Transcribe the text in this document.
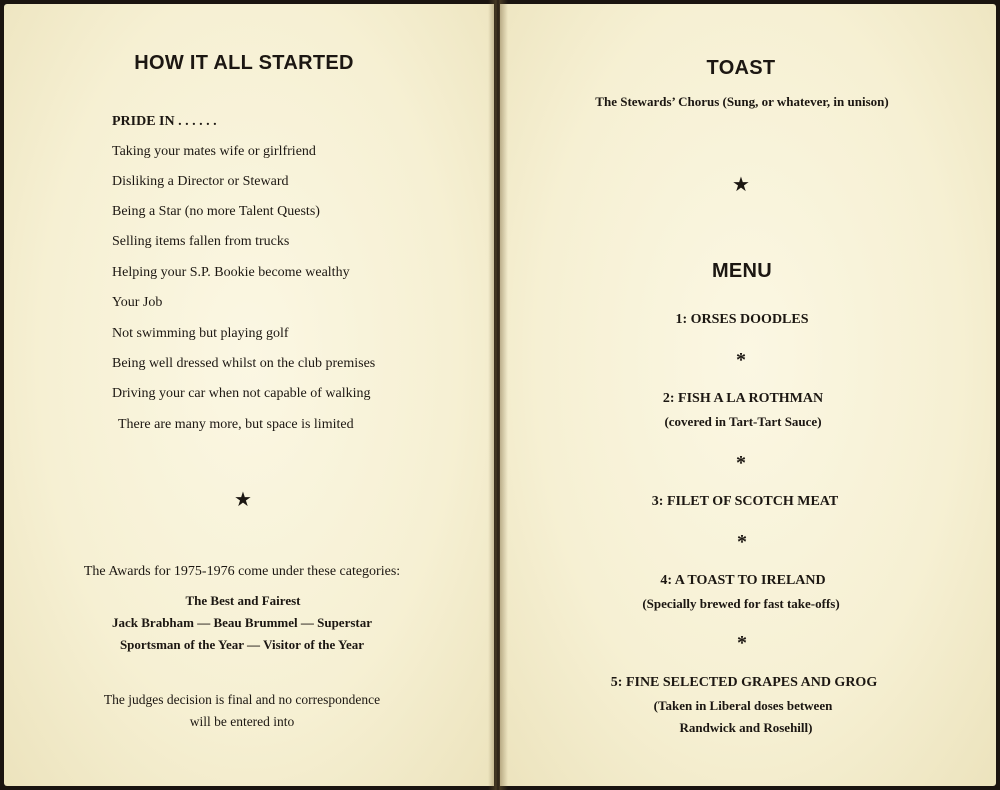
HOW IT ALL STARTED
PRIDE IN . . . . . .
Taking your mates wife or girlfriend
Disliking a Director or Steward
Being a Star (no more Talent Quests)
Selling items fallen from trucks
Helping your S.P. Bookie become wealthy
Your Job
Not swimming but playing golf
Being well dressed whilst on the club premises
Driving your car when not capable of walking
There are many more, but space is limited
★
The Awards for 1975-1976 come under these categories:
The Best and Fairest
Jack Brabham — Beau Brummel — Superstar
Sportsman of the Year — Visitor of the Year
The judges decision is final and no correspondence
will be entered into
TOAST
The Stewards’ Chorus (Sung, or whatever, in unison)
★
MENU
1: ORSES DOODLES
*
2: FISH A LA ROTHMAN
(covered in Tart-Tart Sauce)
*
3: FILET OF SCOTCH MEAT
*
4: A TOAST TO IRELAND
(Specially brewed for fast take-offs)
*
5: FINE SELECTED GRAPES AND GROG
(Taken in Liberal doses between
Randwick and Rosehill)
